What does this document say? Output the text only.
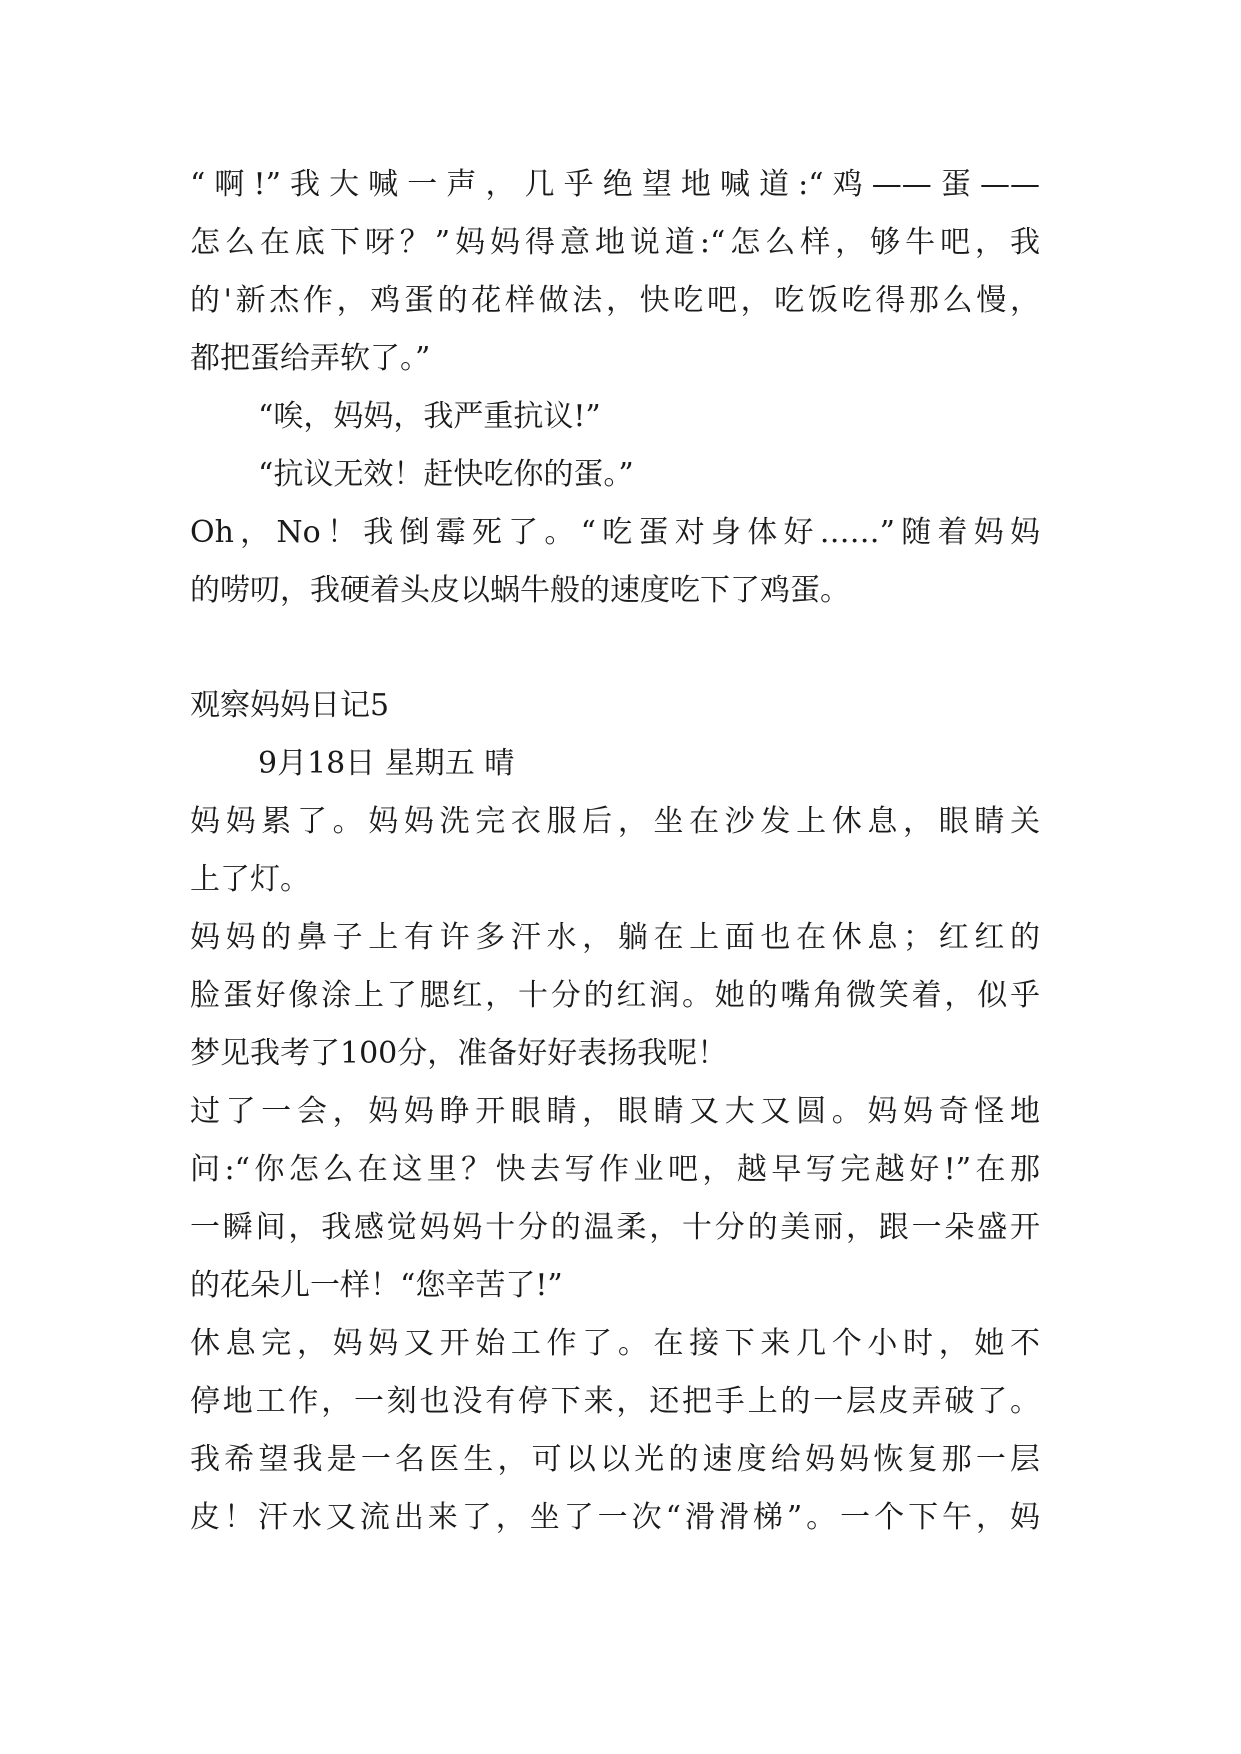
“啊!”我大喊一声，几乎绝望地喊道:“鸡——蛋——

怎么在底下呀？”妈妈得意地说道:“怎么样，够牛吧，我

的'新杰作，鸡蛋的花样做法，快吃吧，吃饭吃得那么慢，

都把蛋给弄软了。”

“唉，妈妈，我严重抗议!”

“抗议无效！赶快吃你的蛋。”

Oh，No！我倒霉死了。“吃蛋对身体好……”随着妈妈

的唠叨，我硬着头皮以蜗牛般的速度吃下了鸡蛋。

观察妈妈日记5

9月18日 星期五 晴

妈妈累了。妈妈洗完衣服后，坐在沙发上休息，眼睛关

上了灯。

妈妈的鼻子上有许多汗水，躺在上面也在休息；红红的

脸蛋好像涂上了腮红，十分的红润。她的嘴角微笑着，似乎

梦见我考了100分，准备好好表扬我呢！

过了一会，妈妈睁开眼睛，眼睛又大又圆。妈妈奇怪地

问:“你怎么在这里？快去写作业吧，越早写完越好!”在那

一瞬间，我感觉妈妈十分的温柔，十分的美丽，跟一朵盛开

的花朵儿一样！“您辛苦了!”

休息完，妈妈又开始工作了。在接下来几个小时，她不

停地工作，一刻也没有停下来，还把手上的一层皮弄破了。

我希望我是一名医生，可以以光的速度给妈妈恢复那一层

皮！汗水又流出来了，坐了一次“滑滑梯”。一个下午，妈
